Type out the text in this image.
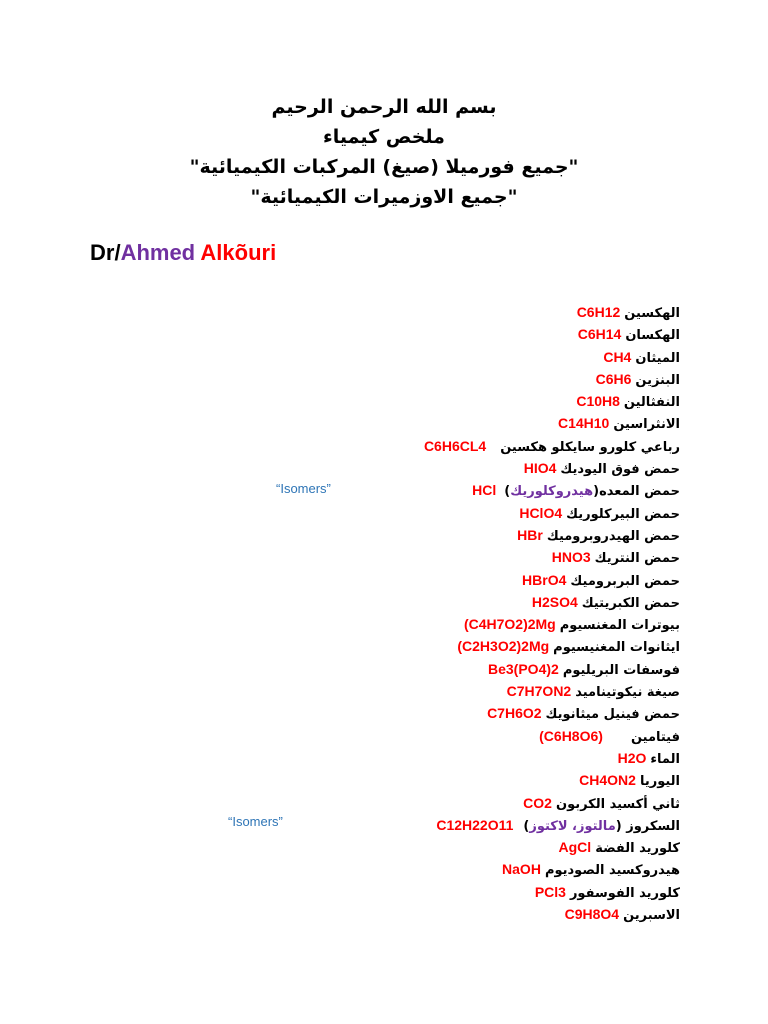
بسم الله الرحمن الرحيم
ملخص كيمياء
"جميع فورميلا (صيغ) المركبات الكيميائية"
"جميع الاوزميرات الكيميائية"
Dr/Ahmed Alkõuri
“Isomers”
“Isomers”
الهكسينC6H12
الهكسانC6H14
الميثانCH4
البنزينC6H6
النفثالينC10H8
الانثراسينC14H10
رباعي كلورو سايكلو هكسينC6H6CL4
حمض فوق اليوديكHIO4
حمض المعده(هيدروكلوريك)HCl
حمض البيركلوريكHClO4
حمض الهيدروبروميكHBr
حمض النتريكHNO3
حمض البربروميكHBrO4
حمض الكبريتيكH2SO4
بيوترات المغنسيوم(C4H7O2)2Mg
ايثانوات المغنيسيوم(C2H3O2)2Mg
فوسفات البريليومBe3(PO4)2
صيغة نيكوتيناميدC7H7ON2
حمض فينيل ميثانويكC7H6O2
فيتامين(C6H8O6)
الماءH2O
اليورياCH4ON2
ثاني أكسيد الكربونCO2
السكروز (مالتوز، لاكتوز)C12H22O11
كلوريد الفضةAgCl
هيدروكسيد الصوديومNaOH
كلوريد الفوسفورPCl3
الاسبرينC9H8O4
